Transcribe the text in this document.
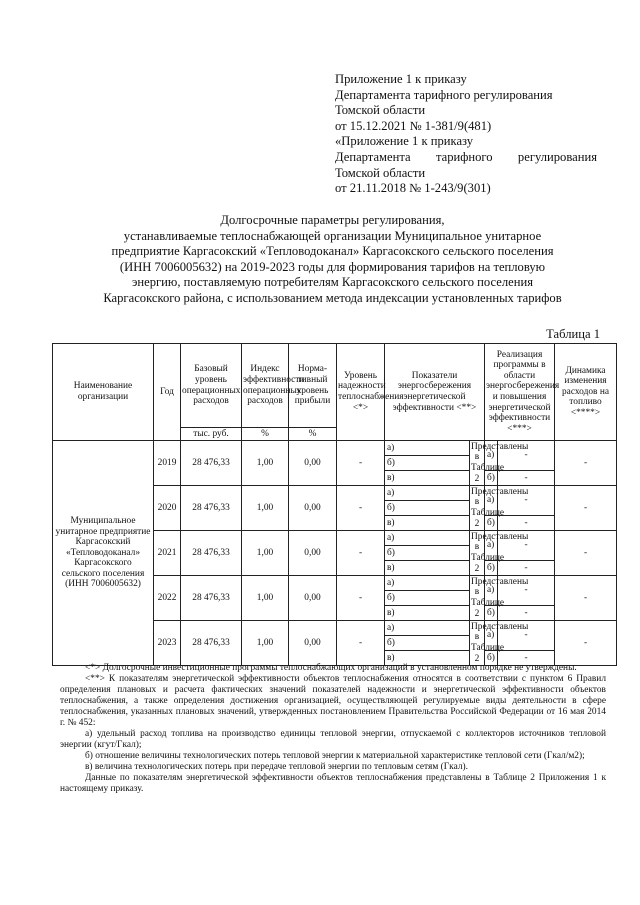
Приложение 1 к приказу
Департамента тарифного регулирования
Томской области
от 15.12.2021 № 1-381/9(481)
«Приложение 1 к приказу
Департамента тарифного регулирования
Томской области
от 21.11.2018 № 1-243/9(301)
Долгосрочные параметры регулирования,
устанавливаемые теплоснабжающей организации Муниципальное унитарное
предприятие Каргасокский «Тепловодоканал» Каргасокского сельского поселения
(ИНН 7006005632) на 2019-2023 годы для формирования тарифов на тепловую
энергию, поставляемую потребителям Каргасокского сельского поселения
Каргасокского района, с использованием метода индексации установленных тарифов
Таблица 1
Наименование организации	Год	Базовый уровень операционных расходов	Индекс эффективности операционных расходов	Норма-тивный уровень прибыли	Уровень надежности теплоснабжения <*>	Показатели энергосбережения энергетической эффективности <**>		Реализация программы в области энергосбережения и повышения энергетической эффективности <***>		Динамика изменения расходов на топливо <****>
		тыс. руб.	%	%						
Муниципальное унитарное предприятие Каргасокский «Тепловодоканал» Каргасокского сельского поселения (ИНН 7006005632)	2019	28 476,33	1,00	0,00	-	а)	Представлены в Таблице 2	а)	-	-
						б)				
						в)		б)	-	
	2020	28 476,33	1,00	0,00	-	а)	Представлены в Таблице 2	а)	-	-
						б)				
						в)		б)	-	
	2021	28 476,33	1,00	0,00	-	а)	Представлены в Таблице 2	а)	-	-
						б)				
						в)		б)	-	
	2022	28 476,33	1,00	0,00	-	а)	Представлены в Таблице 2	а)	-	-
						б)				
						в)		б)	-	
	2023	28 476,33	1,00	0,00	-	а)	Представлены в Таблице 2	а)	-	-
						б)				
						в)		б)	-	

<*> Долгосрочные инвестиционные программы теплоснабжающих организаций в установленном порядке не утверждены.

<**> К показателям энергетической эффективности объектов теплоснабжения относятся в соответствии с пунктом 6 Правил определения плановых и расчета фактических значений показателей надежности и энергетической эффективности объектов теплоснабжения, а также определения достижения организацией, осуществляющей регулируемые виды деятельности в сфере теплоснабжения, указанных плановых значений, утвержденных постановлением Правительства Российской Федерации от 16 мая 2014 г. № 452:

а) удельный расход топлива на производство единицы тепловой энергии, отпускаемой с коллекторов источников тепловой энергии (кгут/Гкал);

б) отношение величины технологических потерь тепловой энергии к материальной характеристике тепловой сети (Гкал/м2);

в) величина технологических потерь при передаче тепловой энергии по тепловым сетям (Гкал).

Данные по показателям энергетической эффективности объектов теплоснабжения представлены в Таблице 2 Приложения 1 к настоящему приказу.
